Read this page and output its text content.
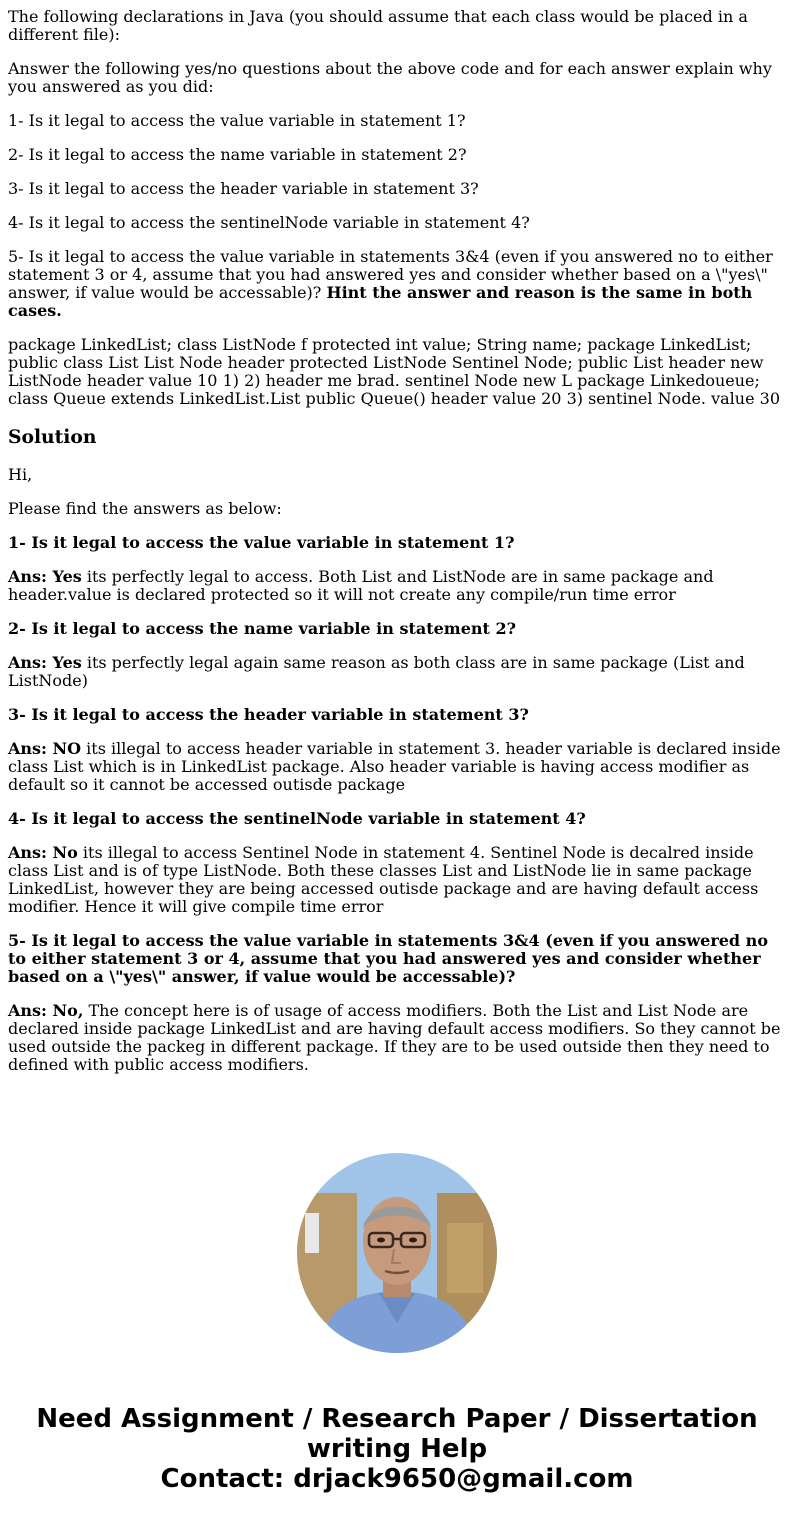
The following declarations in Java (you should assume that each class would be placed in a different file):

Answer the following yes/no questions about the above code and for each answer explain why you answered as you did:

1- Is it legal to access the value variable in statement 1?

2- Is it legal to access the name variable in statement 2?

3- Is it legal to access the header variable in statement 3?

4- Is it legal to access the sentinelNode variable in statement 4?

5- Is it legal to access the value variable in statements 3&4 (even if you answered no to either statement 3 or 4, assume that you had answered yes and consider whether based on a \"yes\" answer, if value would be accessable)? Hint the answer and reason is the same in both cases.

package LinkedList; class ListNode f protected int value; String name; package LinkedList; public class List List Node header protected ListNode Sentinel Node; public List header new ListNode header value 10 1) 2) header me brad. sentinel Node new L package Linkedoueue; class Queue extends LinkedList.List public Queue() header value 20 3) sentinel Node. value 30

Solution

Hi,

Please find the answers as below:

1- Is it legal to access the value variable in statement 1?

Ans: Yes its perfectly legal to access. Both List and ListNode are in same package and header.value is declared protected so it will not create any compile/run time error

2- Is it legal to access the name variable in statement 2?

Ans: Yes its perfectly legal again same reason as both class are in same package (List and ListNode)

3- Is it legal to access the header variable in statement 3?

Ans: NO its illegal to access header variable in statement 3. header variable is declared inside class List which is in LinkedList package. Also header variable is having access modifier as default so it cannot be accessed outisde package

4- Is it legal to access the sentinelNode variable in statement 4?

Ans: No its illegal to access Sentinel Node in statement 4. Sentinel Node is decalred inside class List and is of type ListNode. Both these classes List and ListNode lie in same package LinkedList, however they are being accessed outisde package and are having default access modifier. Hence it will give compile time error

5- Is it legal to access the value variable in statements 3&4 (even if you answered no to either statement 3 or 4, assume that you had answered yes and consider whether based on a \"yes\" answer, if value would be accessable)?

Ans: No, The concept here is of usage of access modifiers. Both the List and List Node are declared inside package LinkedList and are having default access modifiers. So they cannot be used outside the packeg in different package. If they are to be used outside then they need to defined with public access modifiers.

Need Assignment / Research Paper / Dissertation
writing Help
Contact: drjack9650@gmail.com
